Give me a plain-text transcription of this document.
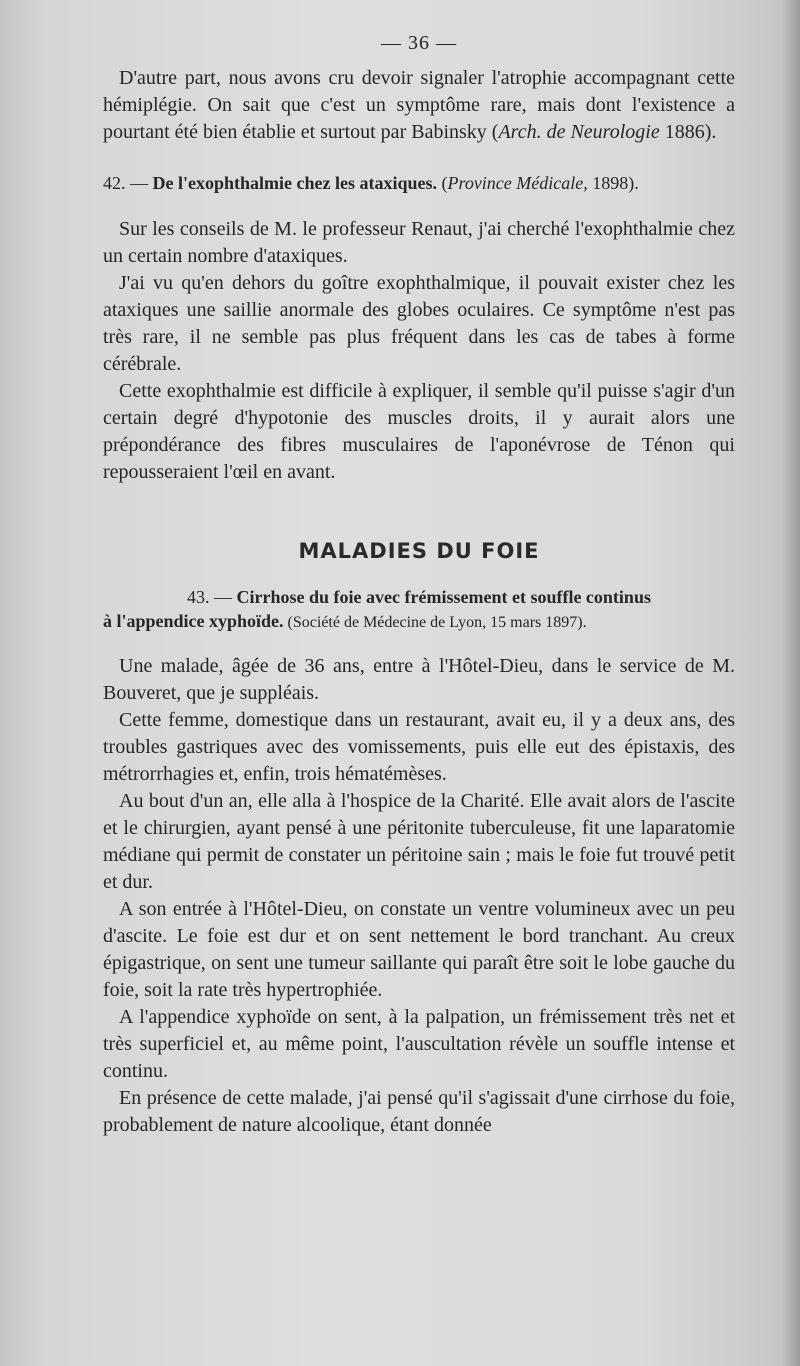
— 36 —

D'autre part, nous avons cru devoir signaler l'atrophie accompagnant cette hémiplégie. On sait que c'est un symptôme rare, mais dont l'existence a pourtant été bien établie et surtout par Babinsky (Arch. de Neurologie 1886).

42. — De l'exophthalmie chez les ataxiques. (Province Médicale, 1898).

Sur les conseils de M. le professeur Renaut, j'ai cherché l'exophthalmie chez un certain nombre d'ataxiques.

J'ai vu qu'en dehors du goître exophthalmique, il pouvait exister chez les ataxiques une saillie anormale des globes oculaires. Ce symptôme n'est pas très rare, il ne semble pas plus fréquent dans les cas de tabes à forme cérébrale.

Cette exophthalmie est difficile à expliquer, il semble qu'il puisse s'agir d'un certain degré d'hypotonie des muscles droits, il y aurait alors une prépondérance des fibres musculaires de l'aponévrose de Ténon qui repousseraient l'œil en avant.

MALADIES DU FOIE
43. — Cirrhose du foie avec frémissement et souffle continus
à l'appendice xyphoïde. (Société de Médecine de Lyon, 15 mars 1897).

Une malade, âgée de 36 ans, entre à l'Hôtel-Dieu, dans le service de M. Bouveret, que je suppléais.

Cette femme, domestique dans un restaurant, avait eu, il y a deux ans, des troubles gastriques avec des vomissements, puis elle eut des épistaxis, des métrorrhagies et, enfin, trois hématémèses.

Au bout d'un an, elle alla à l'hospice de la Charité. Elle avait alors de l'ascite et le chirurgien, ayant pensé à une péritonite tuberculeuse, fit une laparatomie médiane qui permit de constater un péritoine sain ; mais le foie fut trouvé petit et dur.

A son entrée à l'Hôtel-Dieu, on constate un ventre volumineux avec un peu d'ascite. Le foie est dur et on sent nettement le bord tranchant. Au creux épigastrique, on sent une tumeur saillante qui paraît être soit le lobe gauche du foie, soit la rate très hypertrophiée.

A l'appendice xyphoïde on sent, à la palpation, un frémissement très net et très superficiel et, au même point, l'auscultation révèle un souffle intense et continu.

En présence de cette malade, j'ai pensé qu'il s'agissait d'une cirrhose du foie, probablement de nature alcoolique, étant donnée
